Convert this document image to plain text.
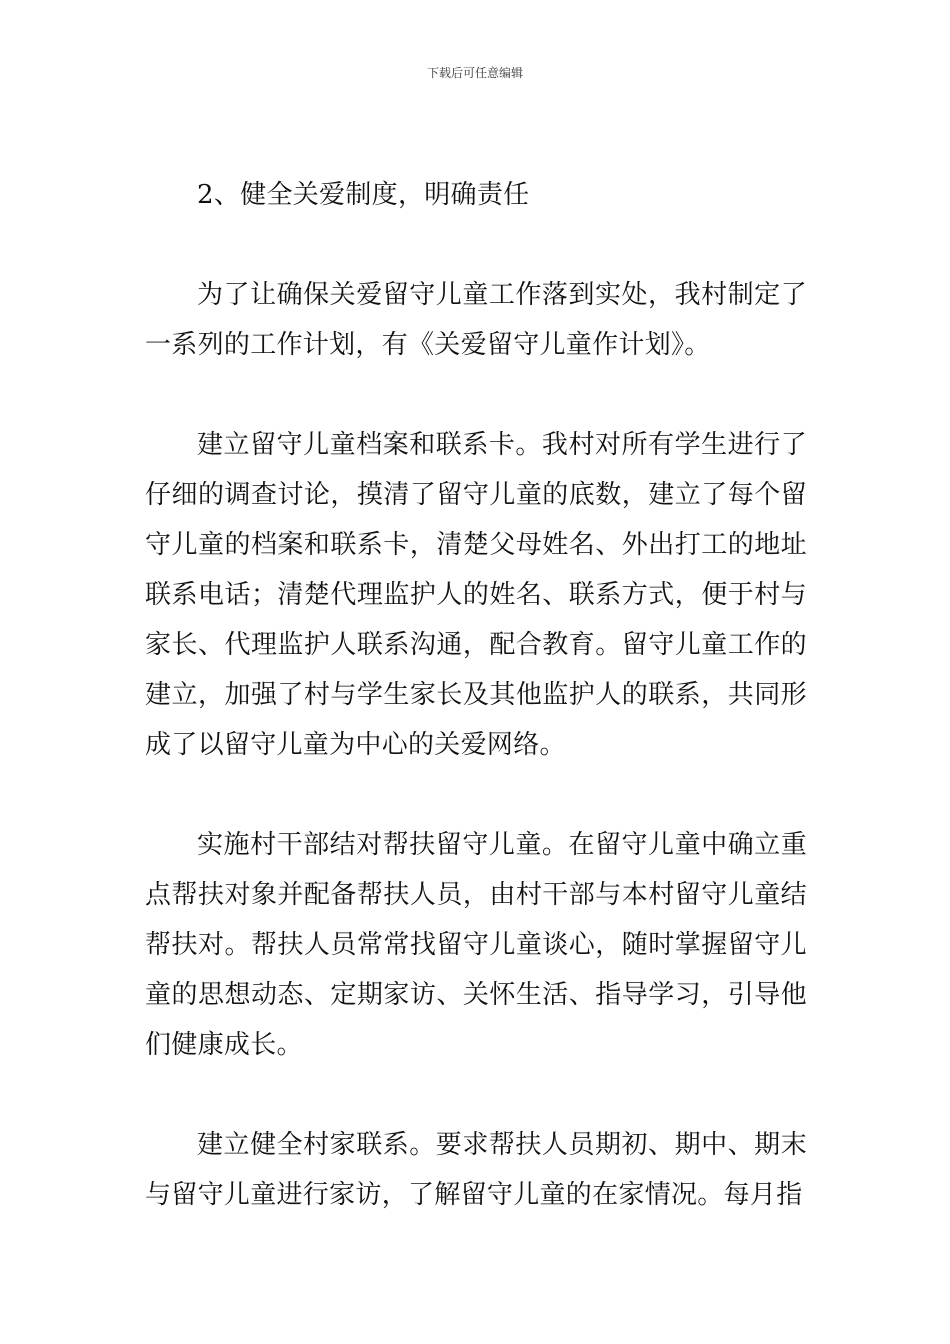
下载后可任意编辑

2、健全关爱制度，明确责任

为了让确保关爱留守儿童工作落到实处，我村制定了一系列的工作计划，有《关爱留守儿童作计划》。

建立留守儿童档案和联系卡。我村对所有学生进行了仔细的调查讨论，摸清了留守儿童的底数，建立了每个留守儿童的档案和联系卡，清楚父母姓名、外出打工的地址联系电话；清楚代理监护人的姓名、联系方式，便于村与家长、代理监护人联系沟通，配合教育。留守儿童工作的建立，加强了村与学生家长及其他监护人的联系，共同形成了以留守儿童为中心的关爱网络。

实施村干部结对帮扶留守儿童。在留守儿童中确立重点帮扶对象并配备帮扶人员，由村干部与本村留守儿童结帮扶对。帮扶人员常常找留守儿童谈心，随时掌握留守儿童的思想动态、定期家访、关怀生活、指导学习，引导他们健康成长。

建立健全村家联系。要求帮扶人员期初、期中、期末与留守儿童进行家访，了解留守儿童的在家情况。每月指
